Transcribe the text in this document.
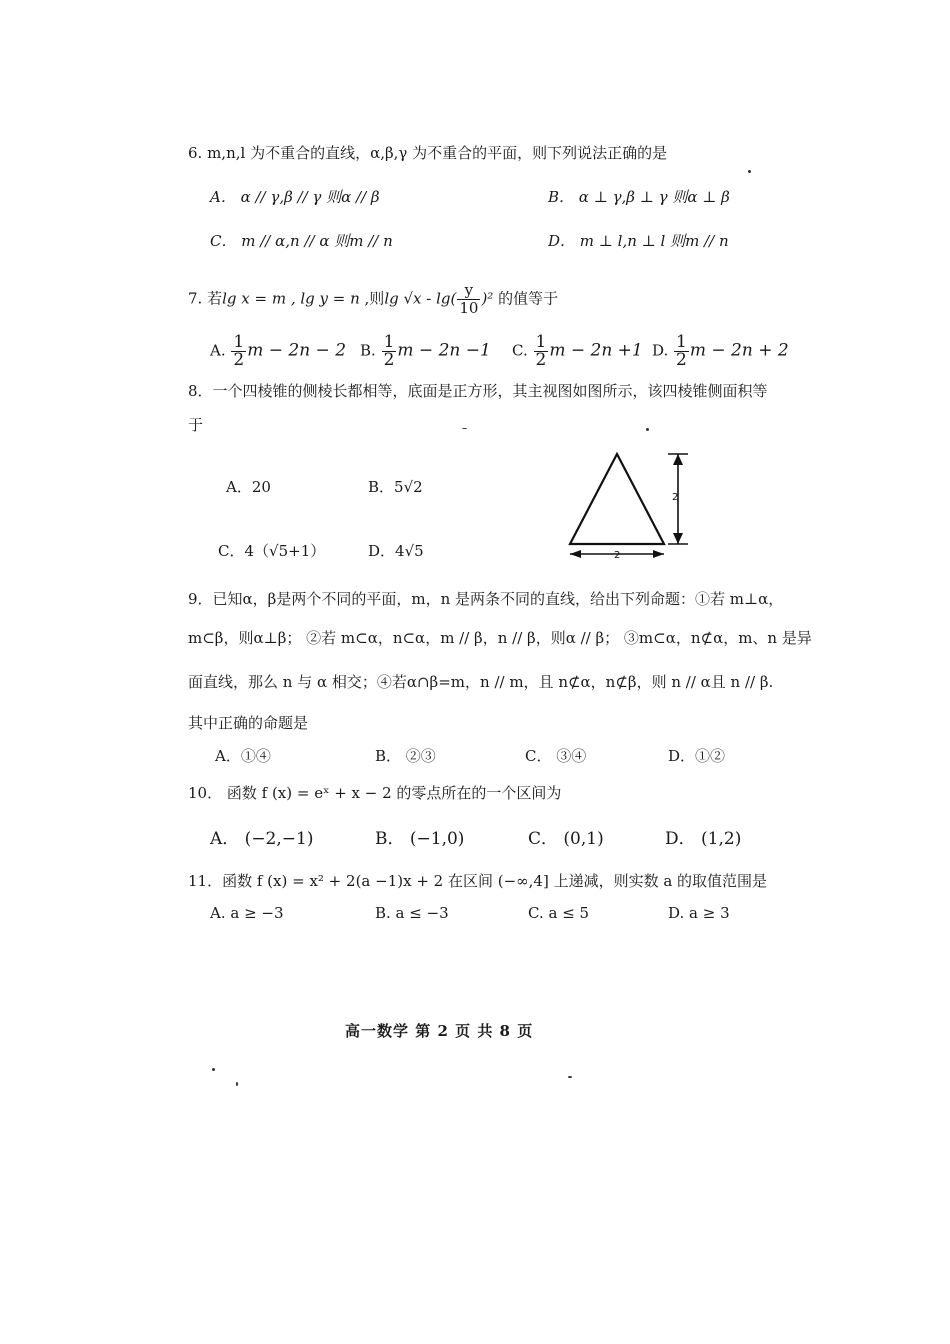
6. m,n,l 为不重合的直线，α,β,γ 为不重合的平面，则下列说法正确的是
A． α // γ,β // γ 则α // β	B． α ⊥ γ,β ⊥ γ 则α ⊥ β
C． m // α,n // α 则m // n	D． m ⊥ l,n ⊥ l 则m // n
7. 若lg x = m , lg y = n ,则$\lg √x - \lg( \frac{y}{10} )^2$ 的值等于
A. $\frac{1}{2}$ m − 2n − 2 B. $\frac{1}{2}$ m − 2n −1 C. $\frac{1}{2}$ m − 2n +1 D. $\frac{1}{2}$ m − 2n + 2
8．一个四棱锥的侧棱长都相等，底面是正方形，其主视图如图所示，该四棱锥侧面积等
于
A．20	B．5√2
C．4（√5+1）	D．4√5
2
2
9．已知α，β是两个不同的平面，m，n 是两条不同的直线，给出下列命题：①若 m⊥α，
m⊂β，则α⊥β； ②若 m⊂α，n⊂α，m // β，n // β，则α // β； ③m⊂α，n⊄α，m、n 是异
面直线，那么 n 与 α 相交；④若α∩β=m，n // m，且 n⊄α，n⊄β，则 n // α且 n // β.
其中正确的命题是
A．①④	B． ②③	C． ③④	D．①②
10． 函数 f (x) = eˣ + x − 2 的零点所在的一个区间为
A． (−2,−1)	B． (−1,0)	C． (0,1)	D． (1,2)
11．函数 f (x) = x² + 2(a −1)x + 2 在区间 (−∞,4] 上递减，则实数 a 的取值范围是
A. a ≥ −3	B. a ≤ −3	C. a ≤ 5	D. a ≥ 3
高一数学 第 2 页 共 8 页
